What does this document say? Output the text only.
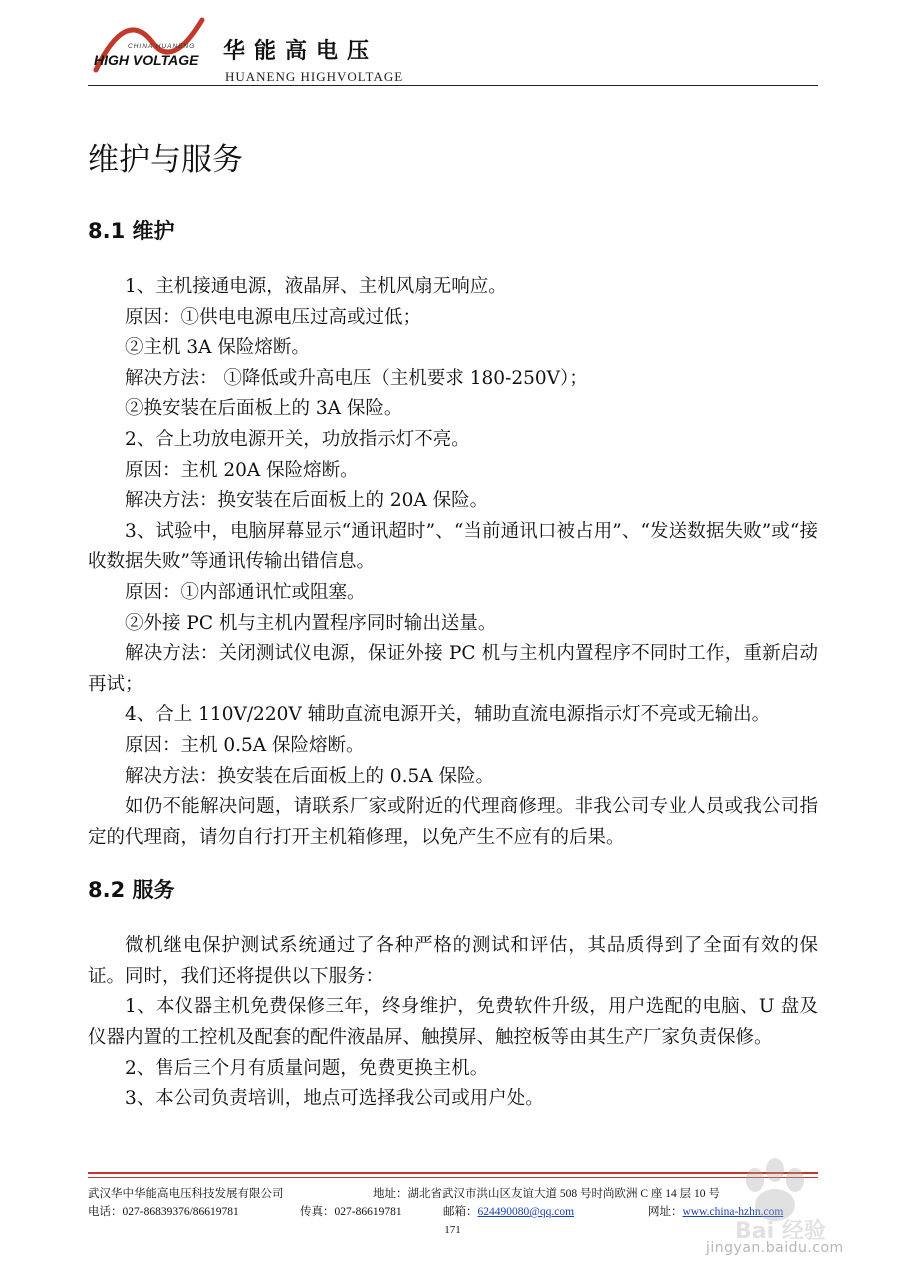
CHINA HUANENG
HIGH VOLTAGE 华能高电压
HUANENG HIGHVOLTAGE
维护与服务
8.1 维护

1、主机接通电源，液晶屏、主机风扇无响应。

原因：①供电电源电压过高或过低；

②主机 3A 保险熔断。

解决方法： ①降低或升高电压（主机要求 180-250V）；

②换安装在后面板上的 3A 保险。

2、合上功放电源开关，功放指示灯不亮。

原因：主机 20A 保险熔断。

解决方法：换安装在后面板上的 20A 保险。

3、试验中，电脑屏幕显示“通讯超时”、“当前通讯口被占用”、“发送数据失败”或“接收数据失败”等通讯传输出错信息。

原因：①内部通讯忙或阻塞。

②外接 PC 机与主机内置程序同时输出送量。

解决方法：关闭测试仪电源，保证外接 PC 机与主机内置程序不同时工作，重新启动再试；

4、合上 110V/220V 辅助直流电源开关，辅助直流电源指示灯不亮或无输出。

原因：主机 0.5A 保险熔断。

解决方法：换安装在后面板上的 0.5A 保险。

如仍不能解决问题，请联系厂家或附近的代理商修理。非我公司专业人员或我公司指定的代理商，请勿自行打开主机箱修理，以免产生不应有的后果。

8.2 服务

微机继电保护测试系统通过了各种严格的测试和评估，其品质得到了全面有效的保证。同时，我们还将提供以下服务：

1、本仪器主机免费保修三年，终身维护，免费软件升级，用户选配的电脑、U 盘及仪器内置的工控机及配套的配件液晶屏、触摸屏、触控板等由其生产厂家负责保修。

2、售后三个月有质量问题，免费更换主机。

3、本公司负责培训，地点可选择我公司或用户处。

武汉华中华能高电压科技发展有限公司	地址：湖北省武汉市洪山区友谊大道 508 号时尚欧洲 C 座 14 层 10 号
电话：027-86839376/86619781	传真：027-86619781	邮箱：624490080@qq.com	网址：www.china-hzhn.com
171	Bai 经验
jingyan.baidu.com
